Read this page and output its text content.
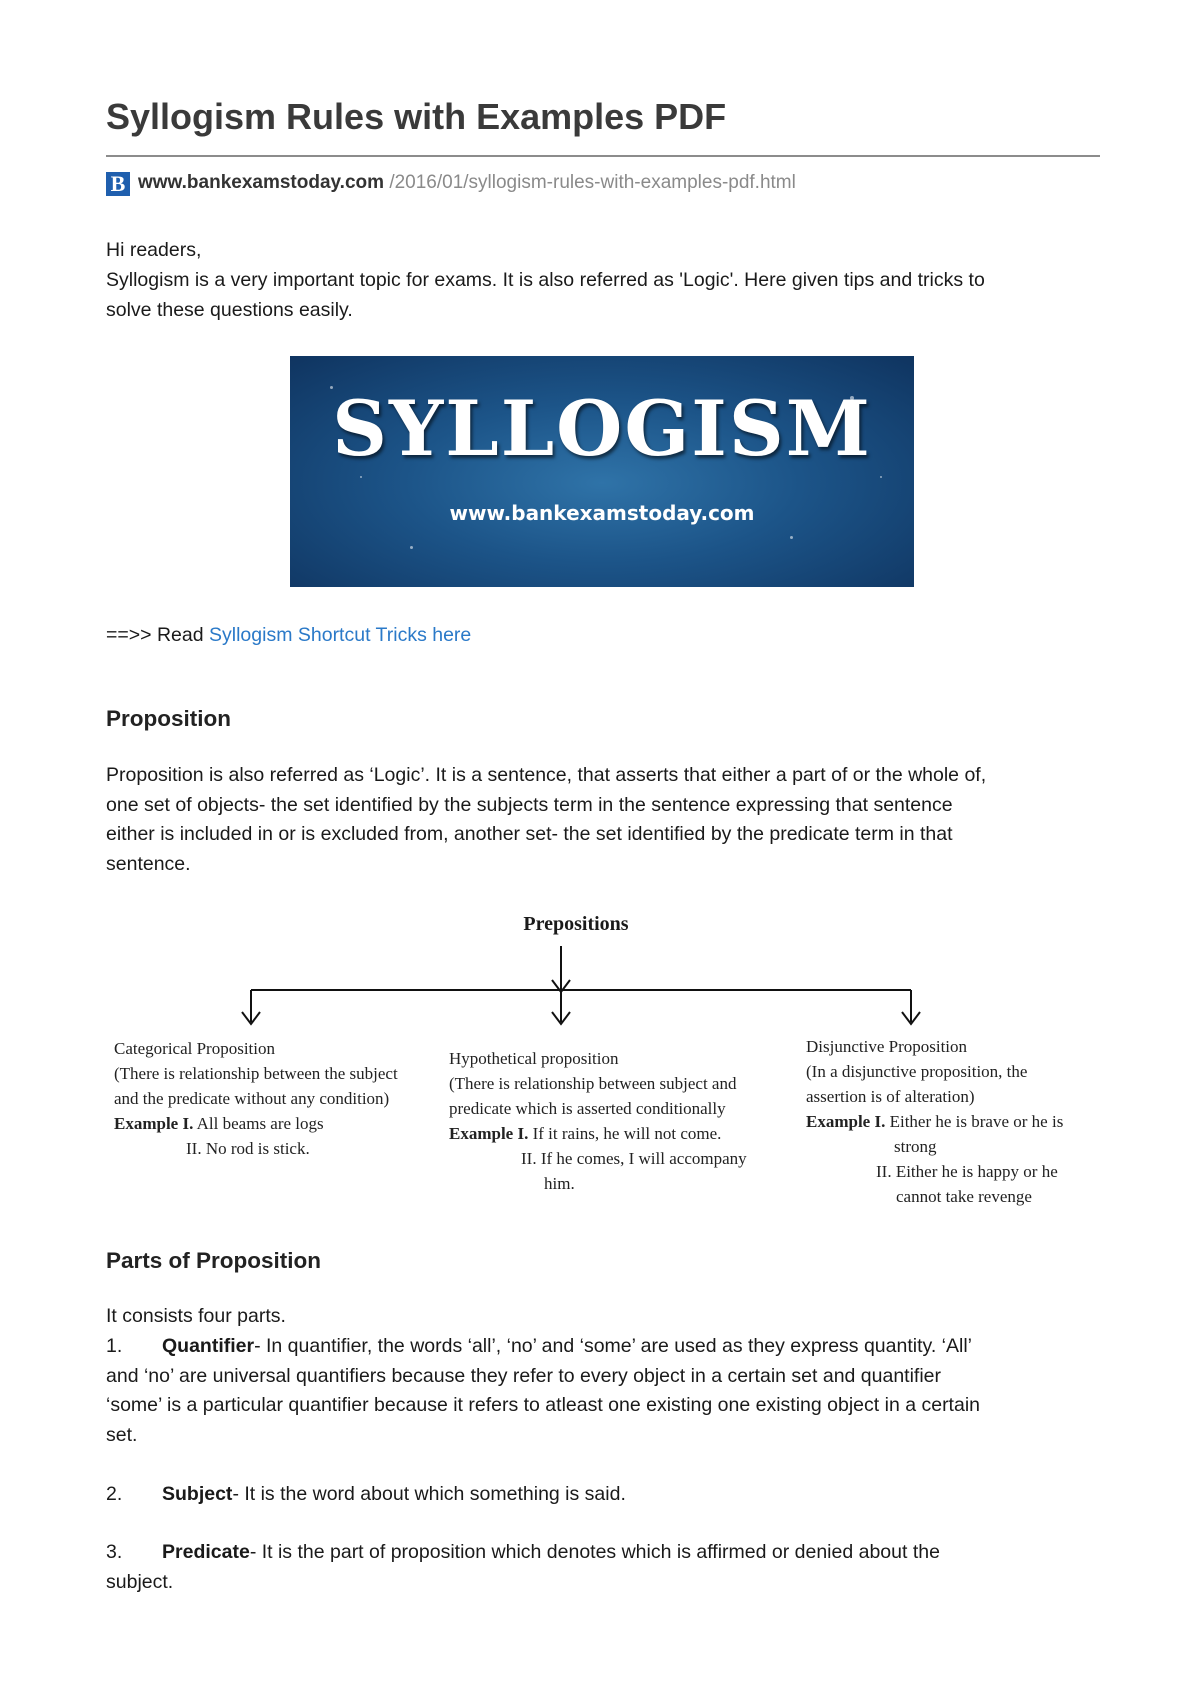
Syllogism Rules with Examples PDF
B www.bankexamstoday.com /2016/01/syllogism-rules-with-examples-pdf.html

Hi readers,

Syllogism is a very important topic for exams. It is also referred as 'Logic'. Here given tips and tricks to

solve these questions easily.

SYLLOGISM
www.bankexamstoday.com

==>> Read Syllogism Shortcut Tricks here

Proposition

Proposition is also referred as ‘Logic’. It is a sentence, that asserts that either a part of or the whole of,

one set of objects- the set identified by the subjects term in the sentence expressing that sentence

either is included in or is excluded from, another set- the set identified by the predicate term in that

sentence.

Prepositions
Categorical Proposition
(There is relationship between the subject
and the predicate without any condition)
Example I. All beams are logs
II. No rod is stick.
Hypothetical proposition
(There is relationship between subject and
predicate which is asserted conditionally
Example I. If it rains, he will not come.
II. If he comes, I will accompany
him.
Disjunctive Proposition
(In a disjunctive proposition, the
assertion is of alteration)
Example I. Either he is brave or he is
strong
II. Either he is happy or he
cannot take revenge
Parts of Proposition

It consists four parts.

1. Quantifier- In quantifier, the words ‘all’, ‘no’ and ‘some’ are used as they express quantity. ‘All’

and ‘no’ are universal quantifiers because they refer to every object in a certain set and quantifier

‘some’ is a particular quantifier because it refers to atleast one existing one existing object in a certain

set.

2. Subject- It is the word about which something is said.

3. Predicate- It is the part of proposition which denotes which is affirmed or denied about the

subject.
